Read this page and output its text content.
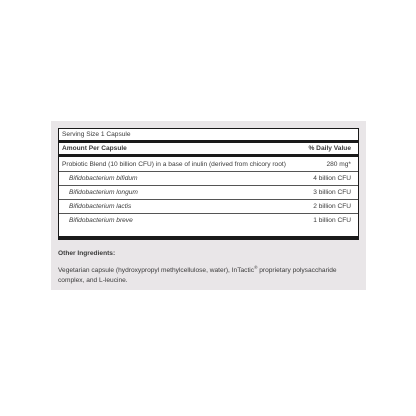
Serving Size 1 Capsule
Amount Per Capsule	% Daily Value
Probiotic Blend (10 billion CFU) in a base of inulin (derived from chicory root)	280 mg*
Bifidobacterium bifidum	4 billion CFU
Bifidobacterium longum	3 billion CFU
Bifidobacterium lactis	2 billion CFU
Bifidobacterium breve	1 billion CFU
Other Ingredients:
Vegetarian capsule (hydroxypropyl methylcellulose, water), InTactic® proprietary polysaccharide complex, and L-leucine.
